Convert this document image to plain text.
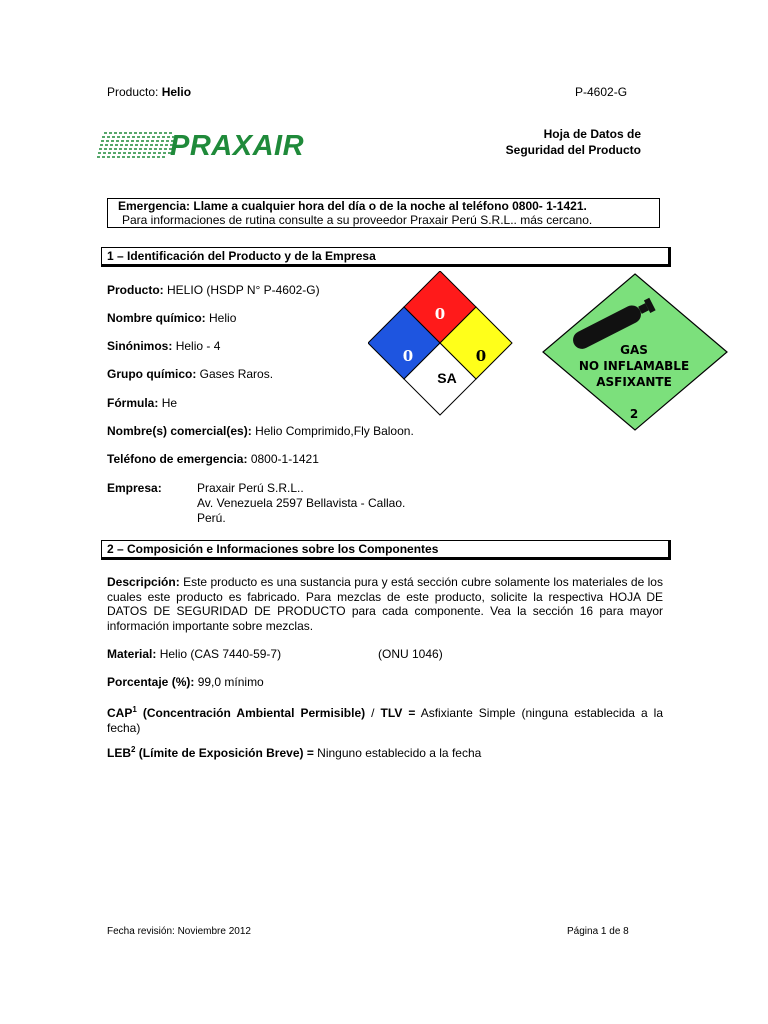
Producto: Helio	P-4602-G
PRAXAIR	Hoja de Datos de
Seguridad del Producto
Emergencia: Llame a cualquier hora del día o de la noche al teléfono 0800- 1-1421.
Para informaciones de rutina consulte a su proveedor Praxair Perú S.R.L.. más cercano.
1 – Identificación del Producto y de la Empresa
Producto: HELIO (HSDP N° P-4602-G)
Nombre químico: Helio
Sinónimos: Helio - 4
Grupo químico: Gases Raros.
Fórmula: He
Nombre(s) comercial(es): Helio Comprimido,Fly Baloon.
Teléfono de emergencia: 0800-1-1421
Empresa:	Praxair Perú S.R.L..
Av. Venezuela 2597 Bellavista - Callao.
Perú.
0
0	0
SA
GAS
NO INFLAMABLE
ASFIXANTE
2
2 – Composición e Informaciones sobre los Componentes
Descripción: Este producto es una sustancia pura y está sección cubre solamente los materiales de los cuales este producto es fabricado. Para mezclas de este producto, solicite la respectiva HOJA DE DATOS DE SEGURIDAD DE PRODUCTO para cada componente. Vea la sección 16 para mayor información importante sobre mezclas.
Material: Helio (CAS 7440-59-7)	(ONU 1046)
Porcentaje (%): 99,0 mínimo
CAP$^1$ (Concentración Ambiental Permisible) / TLV = Asfixiante Simple (ninguna establecida a la fecha)
LEB$^2$ (Límite de Exposición Breve) = Ninguno establecido a la fecha
Fecha revisión: Noviembre 2012	Página 1 de 8
